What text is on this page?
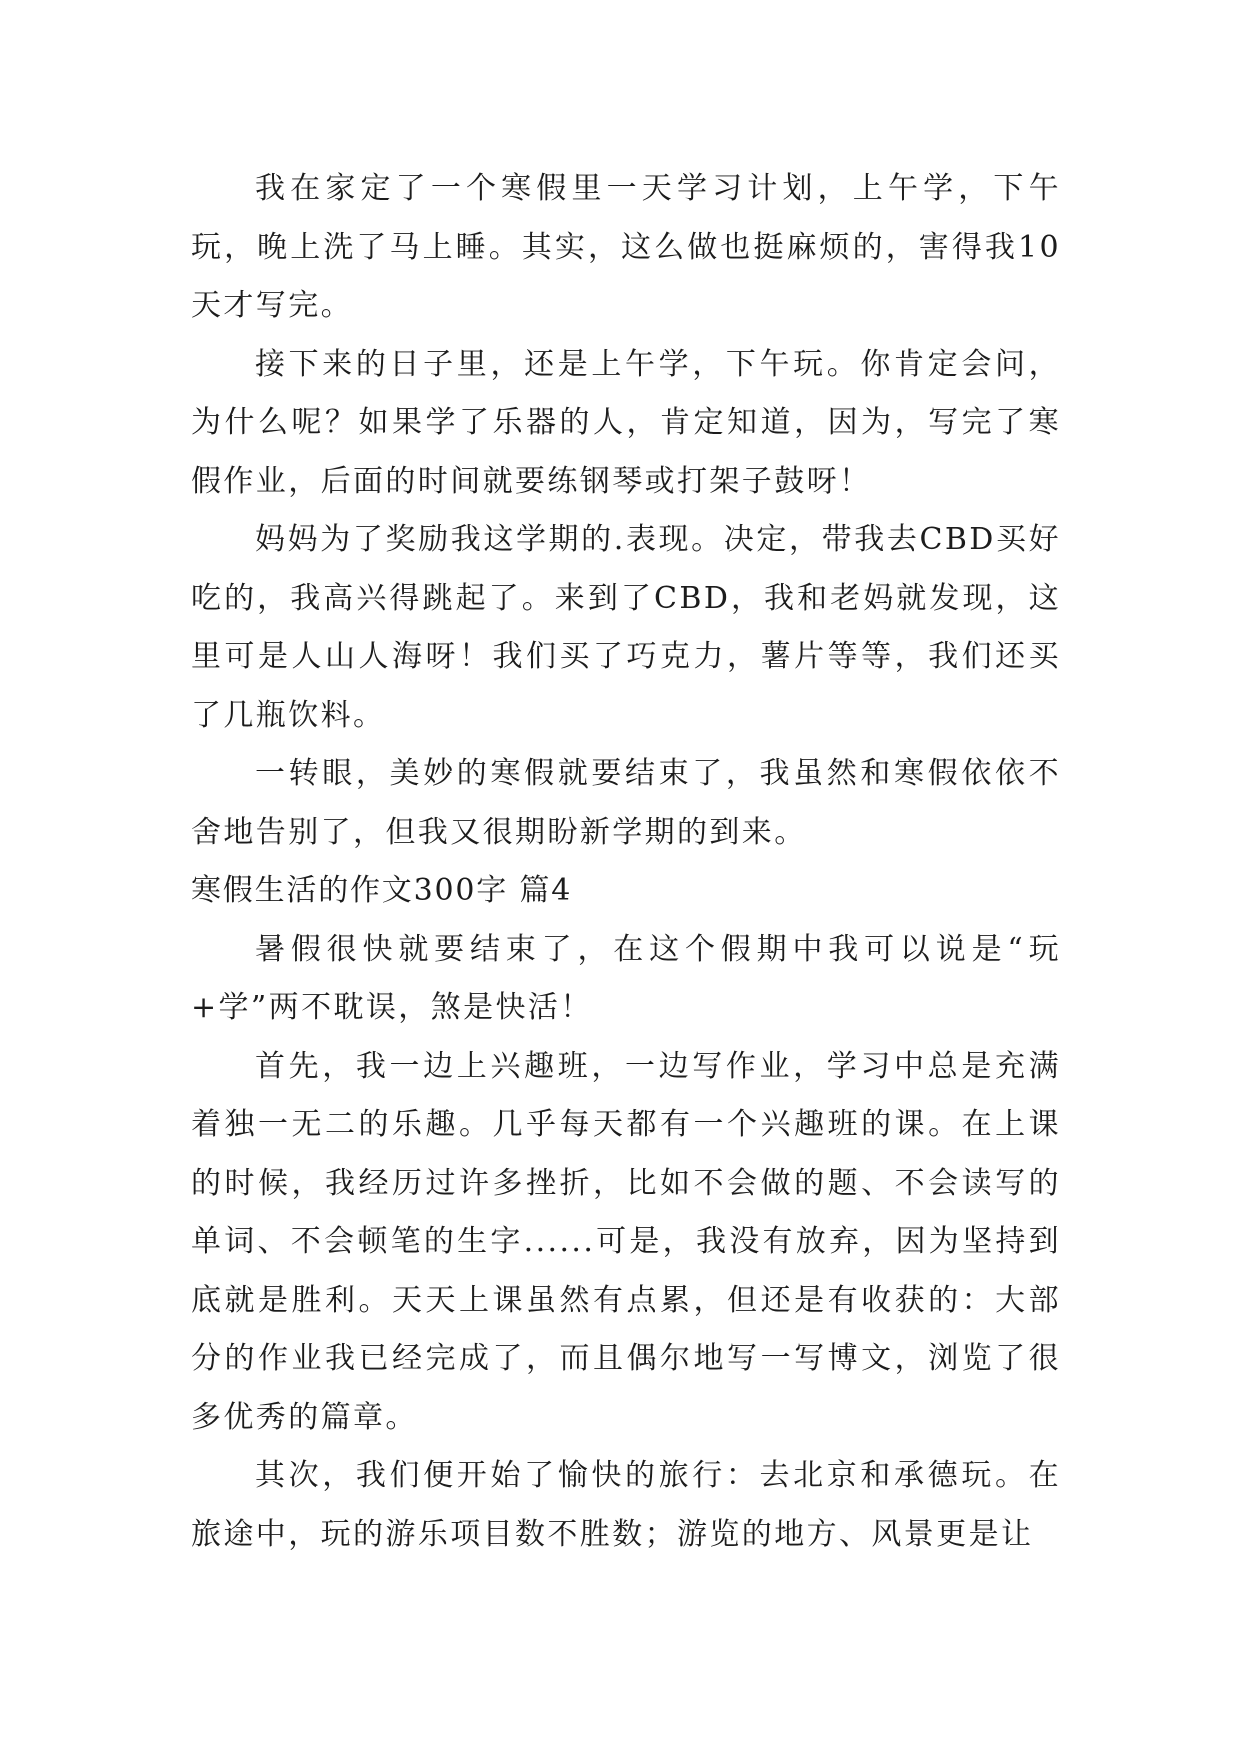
我在家定了一个寒假里一天学习计划，上午学，下午玩，晚上洗了马上睡。其实，这么做也挺麻烦的，害得我10天才写完。

接下来的日子里，还是上午学，下午玩。你肯定会问，为什么呢？如果学了乐器的人，肯定知道，因为，写完了寒假作业，后面的时间就要练钢琴或打架子鼓呀！

妈妈为了奖励我这学期的.表现。决定，带我去CBD买好吃的，我高兴得跳起了。来到了CBD，我和老妈就发现，这里可是人山人海呀！我们买了巧克力，薯片等等，我们还买了几瓶饮料。

一转眼，美妙的寒假就要结束了，我虽然和寒假依依不舍地告别了，但我又很期盼新学期的到来。

寒假生活的作文300字 篇4

暑假很快就要结束了，在这个假期中我可以说是“玩+学”两不耽误，煞是快活！

首先，我一边上兴趣班，一边写作业，学习中总是充满着独一无二的乐趣。几乎每天都有一个兴趣班的课。在上课的时候，我经历过许多挫折，比如不会做的题、不会读写的单词、不会顿笔的生字......可是，我没有放弃，因为坚持到底就是胜利。天天上课虽然有点累，但还是有收获的：大部分的作业我已经完成了，而且偶尔地写一写博文，浏览了很多优秀的篇章。

其次，我们便开始了愉快的旅行：去北京和承德玩。在旅途中，玩的游乐项目数不胜数；游览的地方、风景更是让
